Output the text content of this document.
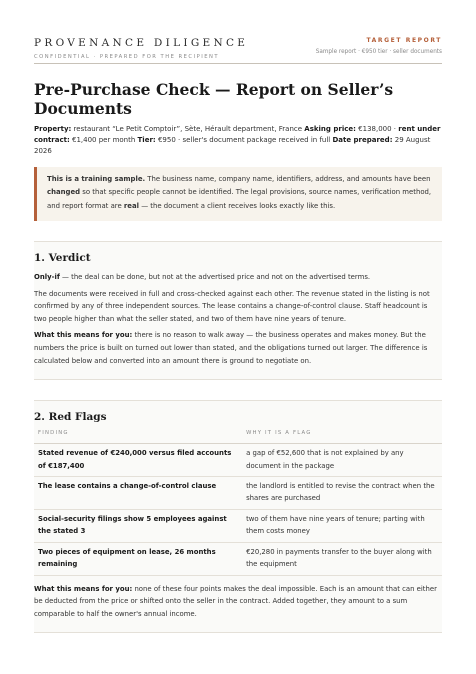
PROVENANCE DILIGENCE
CONFIDENTIAL · PREPARED FOR THE RECIPIENT
TARGET REPORT
Sample report · €950 tier · seller documents
Pre-Purchase Check — Report on Seller’s Documents
Property: restaurant “Le Petit Comptoir”, Sète, Hérault department, France Asking price: €138,000 · rent under contract: €1,400 per month Tier: €950 · seller's document package received in full Date prepared: 29 August 2026
This is a training sample. The business name, company name, identifiers, address, and amounts have been changed so that specific people cannot be identified. The legal provisions, source names, verification method, and report format are real — the document a client receives looks exactly like this.
1. Verdict

Only-if — the deal can be done, but not at the advertised price and not on the advertised terms.

The documents were received in full and cross-checked against each other. The revenue stated in the listing is not confirmed by any of three independent sources. The lease contains a change-of-control clause. Staff headcount is two people higher than what the seller stated, and two of them have nine years of tenure.

What this means for you: there is no reason to walk away — the business operates and makes money. But the numbers the price is built on turned out lower than stated, and the obligations turned out larger. The difference is calculated below and converted into an amount there is ground to negotiate on.

2. Red Flags
FINDING	WHY IT IS A FLAG
Stated revenue of €240,000 versus filed accounts of €187,400	a gap of €52,600 that is not explained by any document in the package
The lease contains a change-of-control clause	the landlord is entitled to revise the contract when the shares are purchased
Social-security filings show 5 employees against the stated 3	two of them have nine years of tenure; parting with them costs money
Two pieces of equipment on lease, 26 months remaining	€20,280 in payments transfer to the buyer along with the equipment

What this means for you: none of these four points makes the deal impossible. Each is an amount that can either be deducted from the price or shifted onto the seller in the contract. Added together, they amount to a sum comparable to half the owner's annual income.
